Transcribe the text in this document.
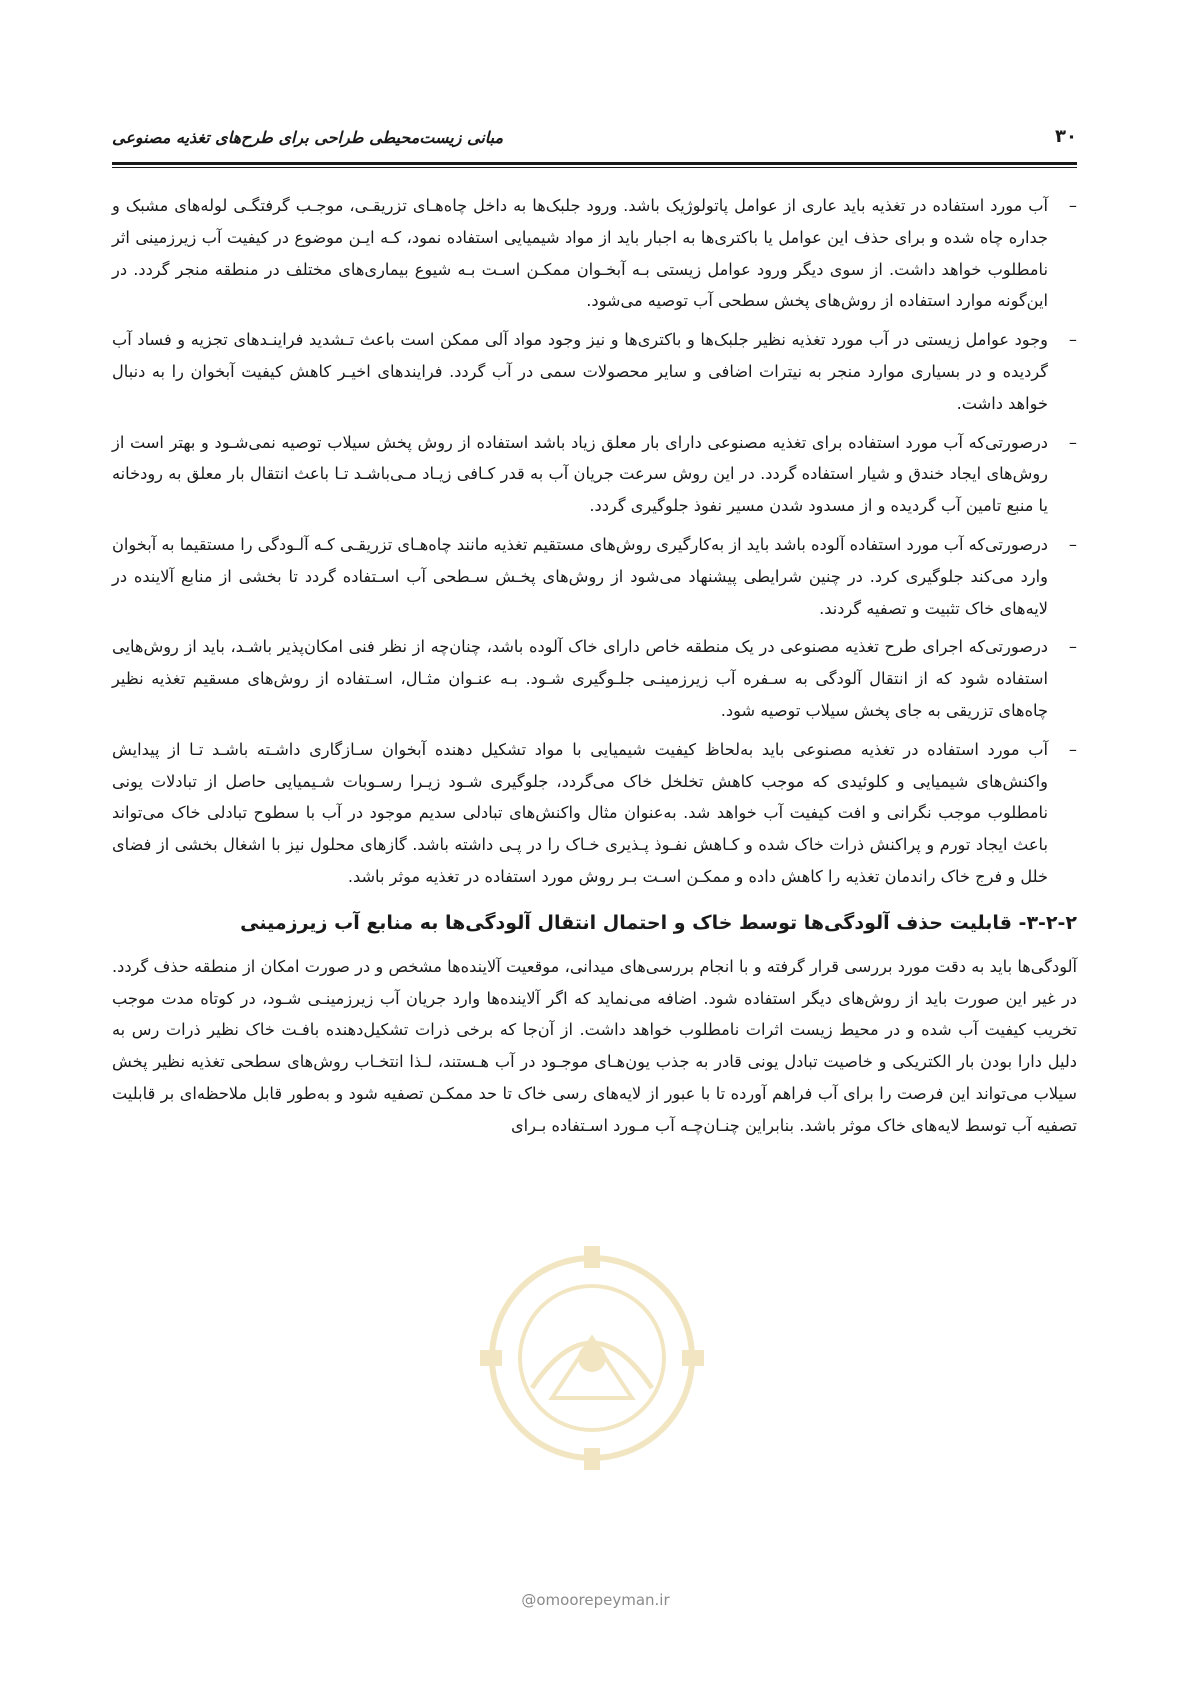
۳۰
مبانی زیست‌محیطی طراحی برای طرح‌های تغذیه مصنوعی
–
آب مورد استفاده در تغذیه باید عاری از عوامل پاتولوژیک باشد. ورود جلبک‌ها به داخل چاه‌هـای تزریقـی، موجـب گرفتگـی لوله‌های مشبک و جداره چاه شده و برای حذف این عوامل یا باکتری‌ها به اجبار باید از مواد شیمیایی استفاده نمود، کـه ایـن موضوع در کیفیت آب زیرزمینی اثر نامطلوب خواهد داشت. از سوی دیگر ورود عوامل زیستی بـه آبخـوان ممکـن اسـت بـه شیوع بیماری‌های مختلف در منطقه منجر گردد. در این‌گونه موارد استفاده از روش‌های پخش سطحی آب توصیه می‌شود.
–
وجود عوامل زیستی در آب مورد تغذیه نظیر جلبک‌ها و باکتری‌ها و نیز وجود مواد آلی ممکن است باعث تـشدید فراینـدهای تجزیه و فساد آب گردیده و در بسیاری موارد منجر به نیترات اضافی و سایر محصولات سمی در آب گردد. فرایندهای اخیـر کاهش کیفیت آبخوان را به دنبال خواهد داشت.
–
درصورتی‌که آب مورد استفاده برای تغذیه مصنوعی دارای بار معلق زیاد باشد استفاده از روش پخش سیلاب توصیه نمی‌شـود و بهتر است از روش‌های ایجاد خندق و شیار استفاده گردد. در این روش سرعت جریان آب به قدر کـافی زیـاد مـی‌باشـد تـا باعث انتقال بار معلق به رودخانه یا منبع تامین آب گردیده و از مسدود شدن مسیر نفوذ جلوگیری گردد.
–
درصورتی‌که آب مورد استفاده آلوده باشد باید از به‌کارگیری روش‌های مستقیم تغذیه مانند چاه‌هـای تزریقـی کـه آلـودگی را مستقیما به آبخوان وارد می‌کند جلوگیری کرد. در چنین شرایطی پیشنهاد می‌شود از روش‌های پخـش سـطحی آب اسـتفاده گردد تا بخشی از منابع آلاینده در لایه‌های خاک تثبیت و تصفیه گردند.
–
درصورتی‌که اجرای طرح تغذیه مصنوعی در یک منطقه خاص دارای خاک آلوده باشد، چنان‌چه از نظر فنی امکان‌پذیر باشـد، باید از روش‌هایی استفاده شود که از انتقال آلودگی به سـفره آب زیرزمینـی جلـوگیری شـود. بـه عنـوان مثـال، اسـتفاده از روش‌های مسقیم تغذیه نظیر چاه‌های تزریقی به جای پخش سیلاب توصیه شود.
–
آب مورد استفاده در تغذیه مصنوعی باید به‌لحاظ کیفیت شیمیایی با مواد تشکیل دهنده آبخوان سـازگاری داشـته باشـد تـا از پیدایش واکنش‌های شیمیایی و کلوئیدی که موجب کاهش تخلخل خاک می‌گردد، جلوگیری شـود زیـرا رسـوبات شـیمیایی حاصل از تبادلات یونی نامطلوب موجب نگرانی و افت کیفیت آب خواهد شد. به‌عنوان مثال واکنش‌های تبادلی سدیم موجود در آب با سطوح تبادلی خاک می‌تواند باعث ایجاد تورم و پراکنش ذرات خاک شده و کـاهش نفـوذ پـذیری خـاک را در پـی داشته باشد. گازهای محلول نیز با اشغال بخشی از فضای خلل و فرج خاک راندمان تغذیه را کاهش داده و ممکـن اسـت بـر روش مورد استفاده در تغذیه موثر باشد.
۳-۲-۲- قابلیت حذف آلودگی‌ها توسط خاک و احتمال انتقال آلودگی‌ها به منابع آب زیرزمینی

آلودگی‌ها باید به دقت مورد بررسی قرار گرفته و با انجام بررسی‌های میدانی، موقعیت آلاینده‌ها مشخص و در صورت امکان از منطقه حذف گردد. در غیر این صورت باید از روش‌های دیگر استفاده شود. اضافه می‌نماید که اگر آلاینده‌ها وارد جریان آب زیرزمینـی شـود، در کوتاه مدت موجب تخریب کیفیت آب شده و در محیط زیست اثرات نامطلوب خواهد داشت. از آن‌جا که برخی ذرات تشکیل‌دهنده بافـت خاک نظیر ذرات رس به دلیل دارا بودن بار الکتریکی و خاصیت تبادل یونی قادر به جذب یون‌هـای موجـود در آب هـستند، لـذا انتخـاب روش‌های سطحی تغذیه نظیر پخش سیلاب می‌تواند این فرصت را برای آب فراهم آورده تا با عبور از لایه‌های رسی خاک تا حد ممکـن تصفیه شود و به‌طور قابل ملاحظه‌ای بر قابلیت تصفیه آب توسط لایه‌های خاک موثر باشد. بنابراین چنـان‌چـه آب مـورد اسـتفاده بـرای

@omoorepeyman.ir
